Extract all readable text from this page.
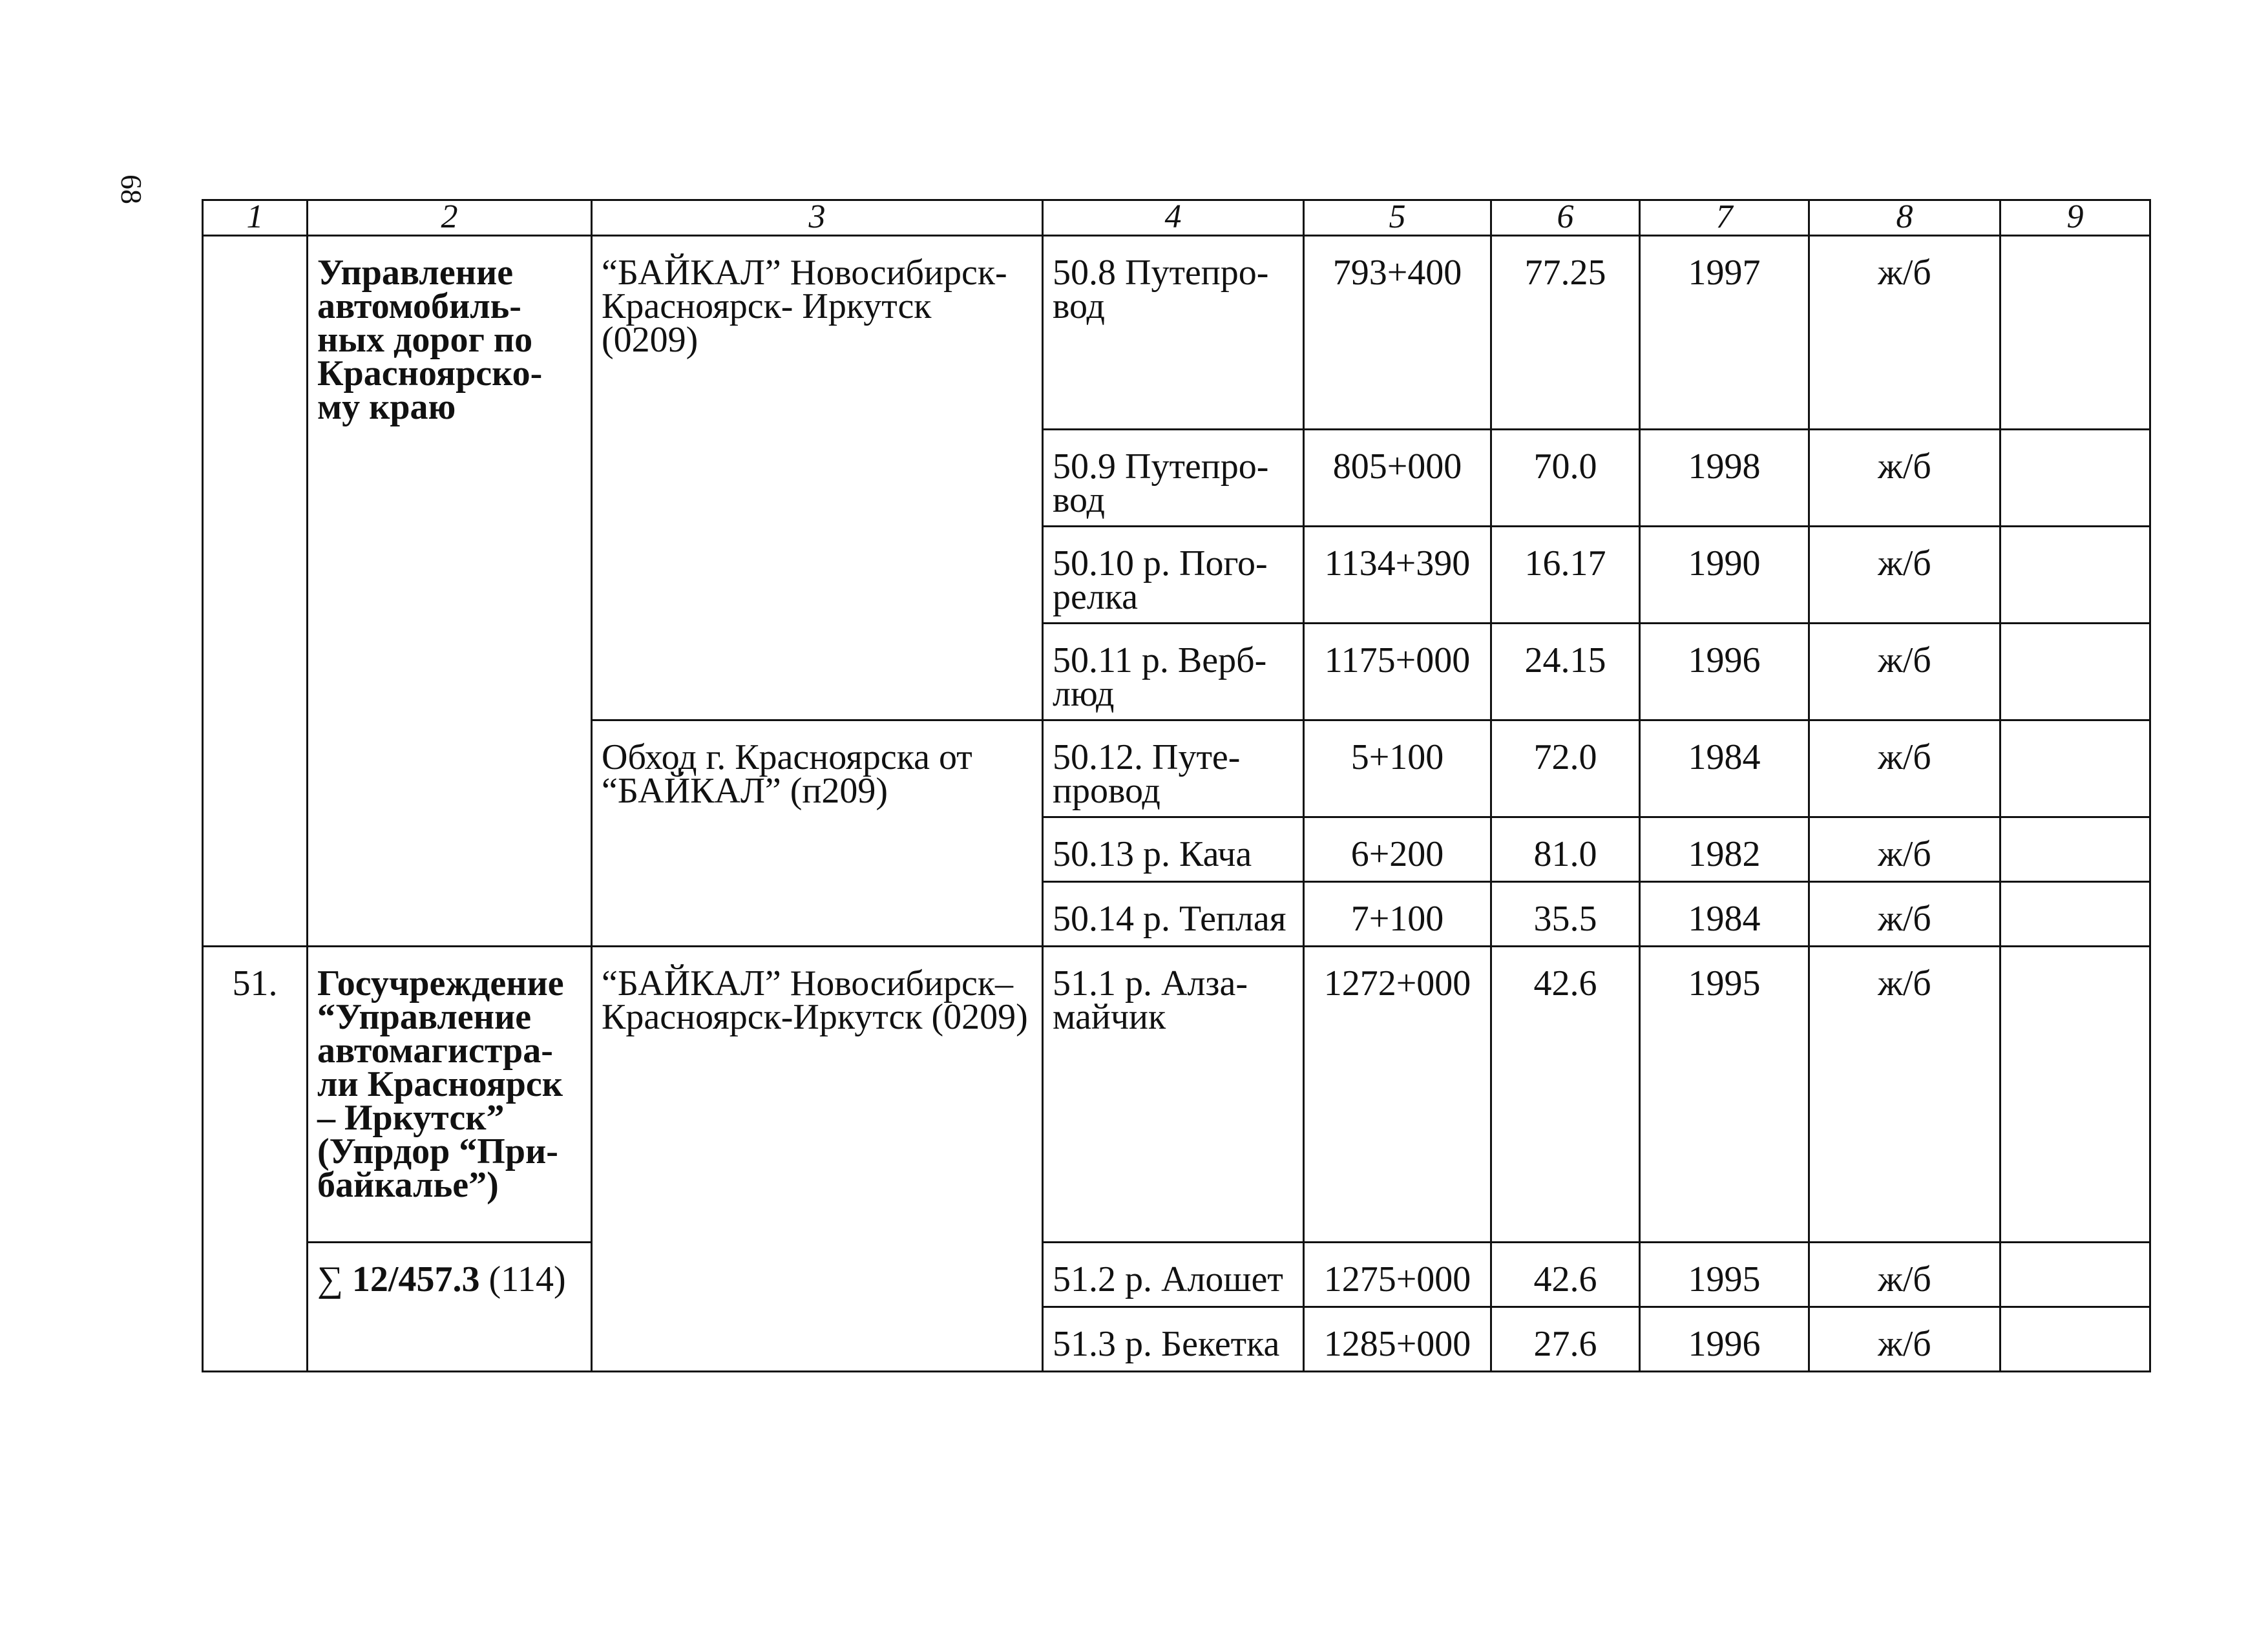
68
1	2	3	4	5	6	7	8	9

	Управление автомобиль-ных дорог по Красноярско-му краю	“БАЙКАЛ” Новосибирск-Красноярск- Иркутск (0209)	50.8 Путепро-вод	793+400	77.25	1997	ж/б	

			50.9 Путепро-вод	805+000	70.0	1998	ж/б	

			50.10 р. Пого-релка	1134+390	16.17	1990	ж/б	

			50.11 р. Верб-люд	1175+000	24.15	1996	ж/б	

		Обход г. Красноярска от “БАЙКАЛ” (п209)	50.12. Путе-провод	5+100	72.0	1984	ж/б	

			50.13 р. Кача	6+200	81.0	1982	ж/б	

			50.14 р. Теплая	7+100	35.5	1984	ж/б	

51.	Госучреждение “Управление автомагистра-ли Красноярск – Иркутск” (Упрдор “При-байкалье”)	“БАЙКАЛ” Новосибирск–Красноярск-Иркутск (0209)	51.1 р. Алза-майчик	1272+000	42.6	1995	ж/б	

	∑ 12/457.3 (114)		51.2 р. Алошет	1275+000	42.6	1995	ж/б	

			51.3 р. Бекетка	1285+000	27.6	1996	ж/б	
